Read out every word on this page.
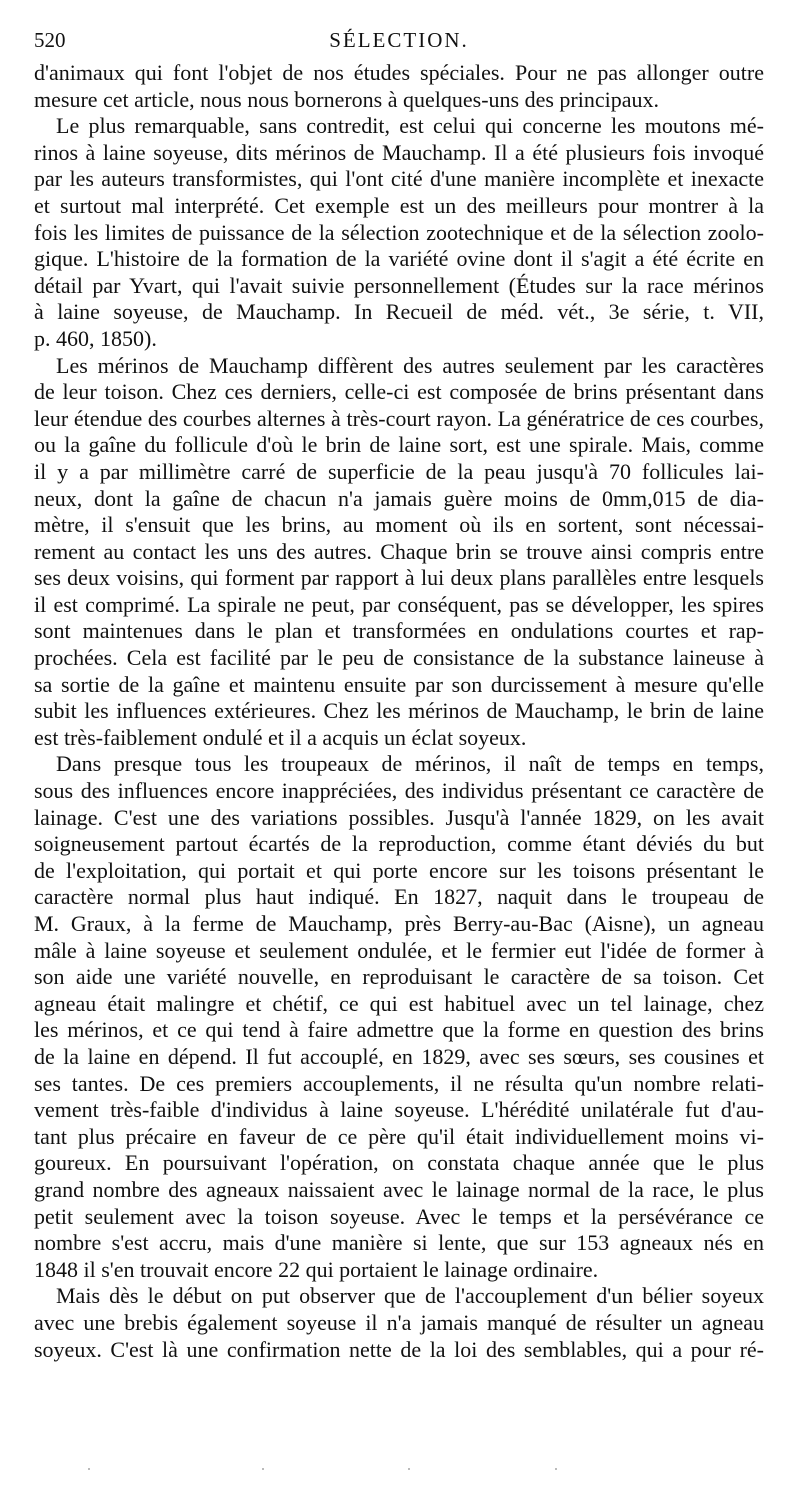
520	SÉLECTION.
d'animaux qui font l'objet de nos études spéciales. Pour ne pas allonger outre
mesure cet article, nous nous bornerons à quelques-uns des principaux.
Le plus remarquable, sans contredit, est celui qui concerne les moutons mé-
rinos à laine soyeuse, dits mérinos de Mauchamp. Il a été plusieurs fois invoqué
par les auteurs transformistes, qui l'ont cité d'une manière incomplète et inexacte
et surtout mal interprété. Cet exemple est un des meilleurs pour montrer à la
fois les limites de puissance de la sélection zootechnique et de la sélection zoolo-
gique. L'histoire de la formation de la variété ovine dont il s'agit a été écrite en
détail par Yvart, qui l'avait suivie personnellement (Études sur la race mérinos
à laine soyeuse, de Mauchamp. In Recueil de méd. vét., 3e série, t. VII,
p. 460, 1850).
Les mérinos de Mauchamp diffèrent des autres seulement par les caractères
de leur toison. Chez ces derniers, celle-ci est composée de brins présentant dans
leur étendue des courbes alternes à très-court rayon. La génératrice de ces courbes,
ou la gaîne du follicule d'où le brin de laine sort, est une spirale. Mais, comme
il y a par millimètre carré de superficie de la peau jusqu'à 70 follicules lai-
neux, dont la gaîne de chacun n'a jamais guère moins de 0mm,015 de dia-
mètre, il s'ensuit que les brins, au moment où ils en sortent, sont nécessai-
rement au contact les uns des autres. Chaque brin se trouve ainsi compris entre
ses deux voisins, qui forment par rapport à lui deux plans parallèles entre lesquels
il est comprimé. La spirale ne peut, par conséquent, pas se développer, les spires
sont maintenues dans le plan et transformées en ondulations courtes et rap-
prochées. Cela est facilité par le peu de consistance de la substance laineuse à
sa sortie de la gaîne et maintenu ensuite par son durcissement à mesure qu'elle
subit les influences extérieures. Chez les mérinos de Mauchamp, le brin de laine
est très-faiblement ondulé et il a acquis un éclat soyeux.
Dans presque tous les troupeaux de mérinos, il naît de temps en temps,
sous des influences encore inappréciées, des individus présentant ce caractère de
lainage. C'est une des variations possibles. Jusqu'à l'année 1829, on les avait
soigneusement partout écartés de la reproduction, comme étant déviés du but
de l'exploitation, qui portait et qui porte encore sur les toisons présentant le
caractère normal plus haut indiqué. En 1827, naquit dans le troupeau de
M. Graux, à la ferme de Mauchamp, près Berry-au-Bac (Aisne), un agneau
mâle à laine soyeuse et seulement ondulée, et le fermier eut l'idée de former à
son aide une variété nouvelle, en reproduisant le caractère de sa toison. Cet
agneau était malingre et chétif, ce qui est habituel avec un tel lainage, chez
les mérinos, et ce qui tend à faire admettre que la forme en question des brins
de la laine en dépend. Il fut accouplé, en 1829, avec ses sœurs, ses cousines et
ses tantes. De ces premiers accouplements, il ne résulta qu'un nombre relati-
vement très-faible d'individus à laine soyeuse. L'hérédité unilatérale fut d'au-
tant plus précaire en faveur de ce père qu'il était individuellement moins vi-
goureux. En poursuivant l'opération, on constata chaque année que le plus
grand nombre des agneaux naissaient avec le lainage normal de la race, le plus
petit seulement avec la toison soyeuse. Avec le temps et la persévérance ce
nombre s'est accru, mais d'une manière si lente, que sur 153 agneaux nés en
1848 il s'en trouvait encore 22 qui portaient le lainage ordinaire.
Mais dès le début on put observer que de l'accouplement d'un bélier soyeux
avec une brebis également soyeuse il n'a jamais manqué de résulter un agneau
soyeux. C'est là une confirmation nette de la loi des semblables, qui a pour ré-
